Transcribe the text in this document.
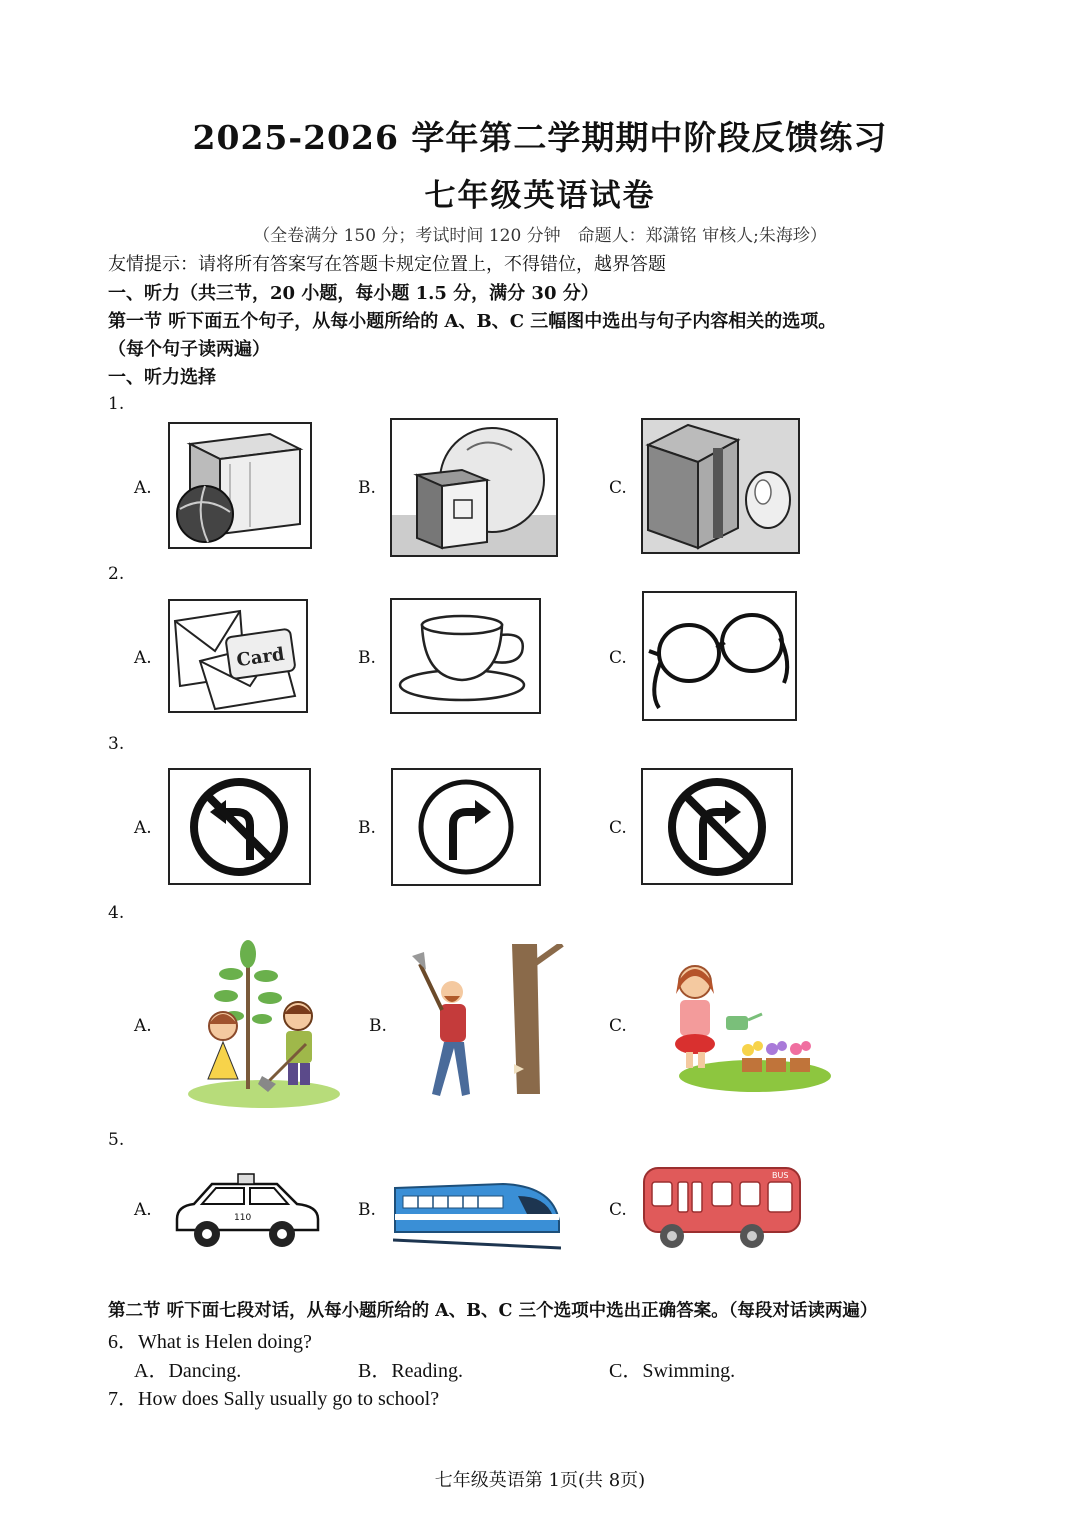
2025-2026 学年第二学期期中阶段反馈练习
七年级英语试卷
（全卷满分 150 分；考试时间 120 分钟　命题人：郑潇铭 审核人;朱海珍）
友情提示：请将所有答案写在答题卡规定位置上，不得错位，越界答题
一、听力（共三节，20 小题，每小题 1.5 分，满分 30 分）
第一节 听下面五个句子，从每小题所给的 A、B、C 三幅图中选出与句子内容相关的选项。
（每个句子读两遍）
一、听力选择
1.
A.	B.	C.
2.
A.	Card	B.	C.
3.
A.	B.	C.
4.
A.	B.	C.
5.
A.	110	B.	C.
BUS
第二节 听下面七段对话，从每小题所给的 A、B、C 三个选项中选出正确答案。（每段对话读两遍）
6．What is Helen doing?
A．Dancing.	B．Reading.	C．Swimming.
7．How does Sally usually go to school?
七年级英语第 1页(共 8页)
